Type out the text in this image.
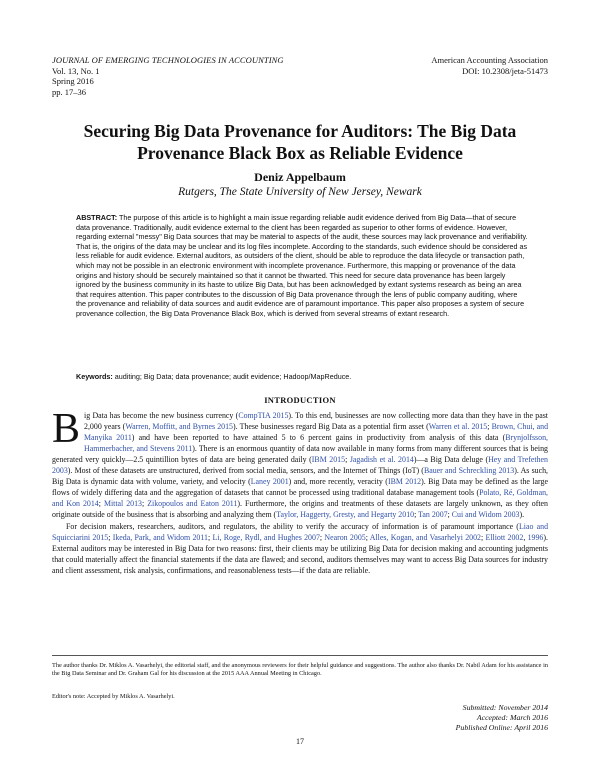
JOURNAL OF EMERGING TECHNOLOGIES IN ACCOUNTING
Vol. 13, No. 1
Spring 2016
pp. 17–36
American Accounting Association
DOI: 10.2308/jeta-51473
Securing Big Data Provenance for Auditors: The Big Data Provenance Black Box as Reliable Evidence
Deniz Appelbaum
Rutgers, The State University of New Jersey, Newark
ABSTRACT: The purpose of this article is to highlight a main issue regarding reliable audit evidence derived from Big Data—that of secure data provenance. Traditionally, audit evidence external to the client has been regarded as superior to other forms of evidence. However, regarding external "messy" Big Data sources that may be material to aspects of the audit, these sources may lack provenance and verifiability. That is, the origins of the data may be unclear and its log files incomplete. According to the standards, such evidence should be considered as less reliable for audit evidence. External auditors, as outsiders of the client, should be able to reproduce the data lifecycle or transaction path, which may not be possible in an electronic environment with incomplete provenance. Furthermore, this mapping or provenance of the data origins and history should be securely maintained so that it cannot be thwarted. This need for secure data provenance has been largely ignored by the business community in its haste to utilize Big Data, but has been acknowledged by extant systems research as being an area that requires attention. This paper contributes to the discussion of Big Data provenance through the lens of public company auditing, where the provenance and reliability of data sources and audit evidence are of paramount importance. This paper also proposes a system of secure provenance collection, the Big Data Provenance Black Box, which is derived from several streams of extant research.
Keywords: auditing; Big Data; data provenance; audit evidence; Hadoop/MapReduce.
INTRODUCTION
B ig Data has become the new business currency (CompTIA 2015). To this end, businesses are now collecting more data than they have in the past 2,000 years (Warren, Moffitt, and Byrnes 2015). These businesses regard Big Data as a potential firm asset (Warren et al. 2015; Brown, Chui, and Manyika 2011) and have been reported to have attained 5 to 6 percent gains in productivity from analysis of this data (Brynjolfsson, Hammerbacher, and Stevens 2011). There is an enormous quantity of data now available in many forms from many different sources that is being generated very quickly—2.5 quintillion bytes of data are being generated daily (IBM 2015; Jagadish et al. 2014)—a Big Data deluge (Hey and Trefethen 2003). Most of these datasets are unstructured, derived from social media, sensors, and the Internet of Things (IoT) (Bauer and Schreckling 2013). As such, Big Data is dynamic data with volume, variety, and velocity (Laney 2001) and, more recently, veracity (IBM 2012). Big Data may be defined as the large flows of widely differing data and the aggregation of datasets that cannot be processed using traditional database management tools (Polato, Ré, Goldman, and Kon 2014; Mittal 2013; Zikopoulos and Eaton 2011). Furthermore, the origins and treatments of these datasets are largely unknown, as they often originate outside of the business that is absorbing and analyzing them (Taylor, Haggerty, Gresty, and Hegarty 2010; Tan 2007; Cui and Widom 2003).
For decision makers, researchers, auditors, and regulators, the ability to verify the accuracy of information is of paramount importance (Liao and Squicciarini 2015; Ikeda, Park, and Widom 2011; Li, Roge, Rydl, and Hughes 2007; Nearon 2005; Alles, Kogan, and Vasarhelyi 2002; Elliott 2002, 1996). External auditors may be interested in Big Data for two reasons: first, their clients may be utilizing Big Data for decision making and accounting judgments that could materially affect the financial statements if the data are flawed; and second, auditors themselves may want to access Big Data sources for industry and client assessment, risk analysis, confirmations, and reasonableness tests—if the data are reliable.
The author thanks Dr. Miklos A. Vasarhelyi, the editorial staff, and the anonymous reviewers for their helpful guidance and suggestions. The author also thanks Dr. Nabil Adam for his assistance in the Big Data Seminar and Dr. Graham Gal for his discussion at the 2015 AAA Annual Meeting in Chicago.
Editor's note: Accepted by Miklos A. Vasarhelyi.
Submitted: November 2014
Accepted: March 2016
Published Online: April 2016
17
